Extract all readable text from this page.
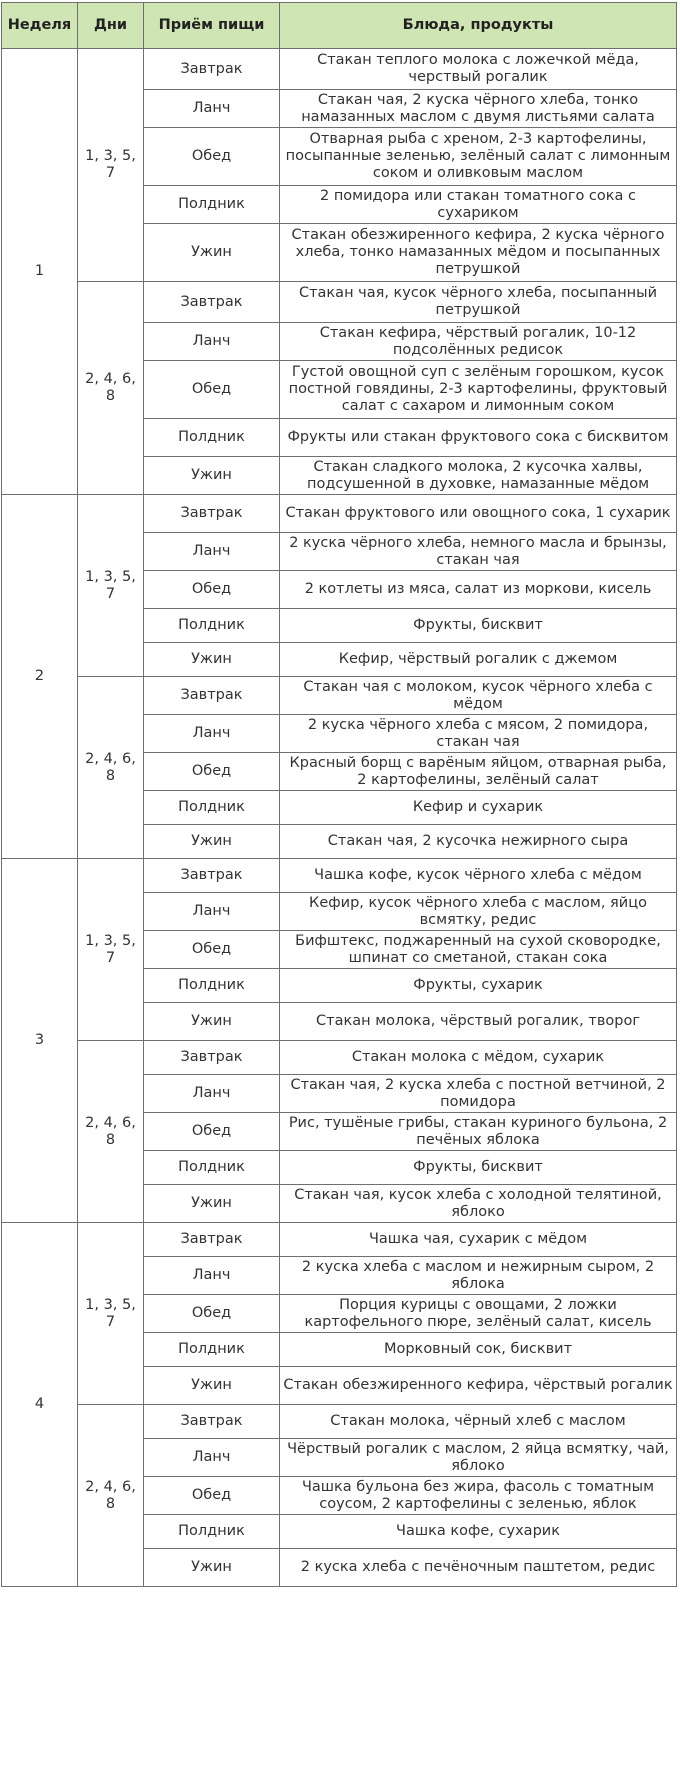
Неделя	Дни	Приём пищи	Блюда, продукты
1	1, 3, 5, 7	Завтрак	Стакан теплого молока с ложечкой мёда, черствый рогалик
		Ланч	Стакан чая, 2 куска чёрного хлеба, тонко намазанных маслом с двумя листьями салата
		Обед	Отварная рыба с хреном, 2-3 картофелины, посыпанные зеленью, зелёный салат с лимонным соком и оливковым маслом
		Полдник	2 помидора или стакан томатного сока с сухариком
		Ужин	Стакан обезжиренного кефира, 2 куска чёрного хлеба, тонко намазанных мёдом и посыпанных петрушкой
	2, 4, 6, 8	Завтрак	Стакан чая, кусок чёрного хлеба, посыпанный петрушкой
		Ланч	Стакан кефира, чёрствый рогалик, 10-12 подсолённых редисок
		Обед	Густой овощной суп с зелёным горошком, кусок постной говядины, 2-3 картофелины, фруктовый салат с сахаром и лимонным соком
		Полдник	Фрукты или стакан фруктового сока с бисквитом
		Ужин	Стакан сладкого молока, 2 кусочка халвы, подсушенной в духовке, намазанные мёдом
2	1, 3, 5, 7	Завтрак	Стакан фруктового или овощного сока, 1 сухарик
		Ланч	2 куска чёрного хлеба, немного масла и брынзы, стакан чая
		Обед	2 котлеты из мяса, салат из моркови, кисель
		Полдник	Фрукты, бисквит
		Ужин	Кефир, чёрствый рогалик с джемом
	2, 4, 6, 8	Завтрак	Стакан чая с молоком, кусок чёрного хлеба с мёдом
		Ланч	2 куска чёрного хлеба с мясом, 2 помидора, стакан чая
		Обед	Красный борщ с варёным яйцом, отварная рыба, 2 картофелины, зелёный салат
		Полдник	Кефир и сухарик
		Ужин	Стакан чая, 2 кусочка нежирного сыра
3	1, 3, 5, 7	Завтрак	Чашка кофе, кусок чёрного хлеба с мёдом
		Ланч	Кефир, кусок чёрного хлеба с маслом, яйцо всмятку, редис
		Обед	Бифштекс, поджаренный на сухой сковородке, шпинат со сметаной, стакан сока
		Полдник	Фрукты, сухарик
		Ужин	Стакан молока, чёрствый рогалик, творог
	2, 4, 6, 8	Завтрак	Стакан молока с мёдом, сухарик
		Ланч	Стакан чая, 2 куска хлеба с постной ветчиной, 2 помидора
		Обед	Рис, тушёные грибы, стакан куриного бульона, 2 печёных яблока
		Полдник	Фрукты, бисквит
		Ужин	Стакан чая, кусок хлеба с холодной телятиной, яблоко
4	1, 3, 5, 7	Завтрак	Чашка чая, сухарик с мёдом
		Ланч	2 куска хлеба с маслом и нежирным сыром, 2 яблока
		Обед	Порция курицы с овощами, 2 ложки картофельного пюре, зелёный салат, кисель
		Полдник	Морковный сок, бисквит
		Ужин	Стакан обезжиренного кефира, чёрствый рогалик
	2, 4, 6, 8	Завтрак	Стакан молока, чёрный хлеб с маслом
		Ланч	Чёрствый рогалик с маслом, 2 яйца всмятку, чай, яблоко
		Обед	Чашка бульона без жира, фасоль с томатным соусом, 2 картофелины с зеленью, яблок
		Полдник	Чашка кофе, сухарик
		Ужин	2 куска хлеба с печёночным паштетом, редис
